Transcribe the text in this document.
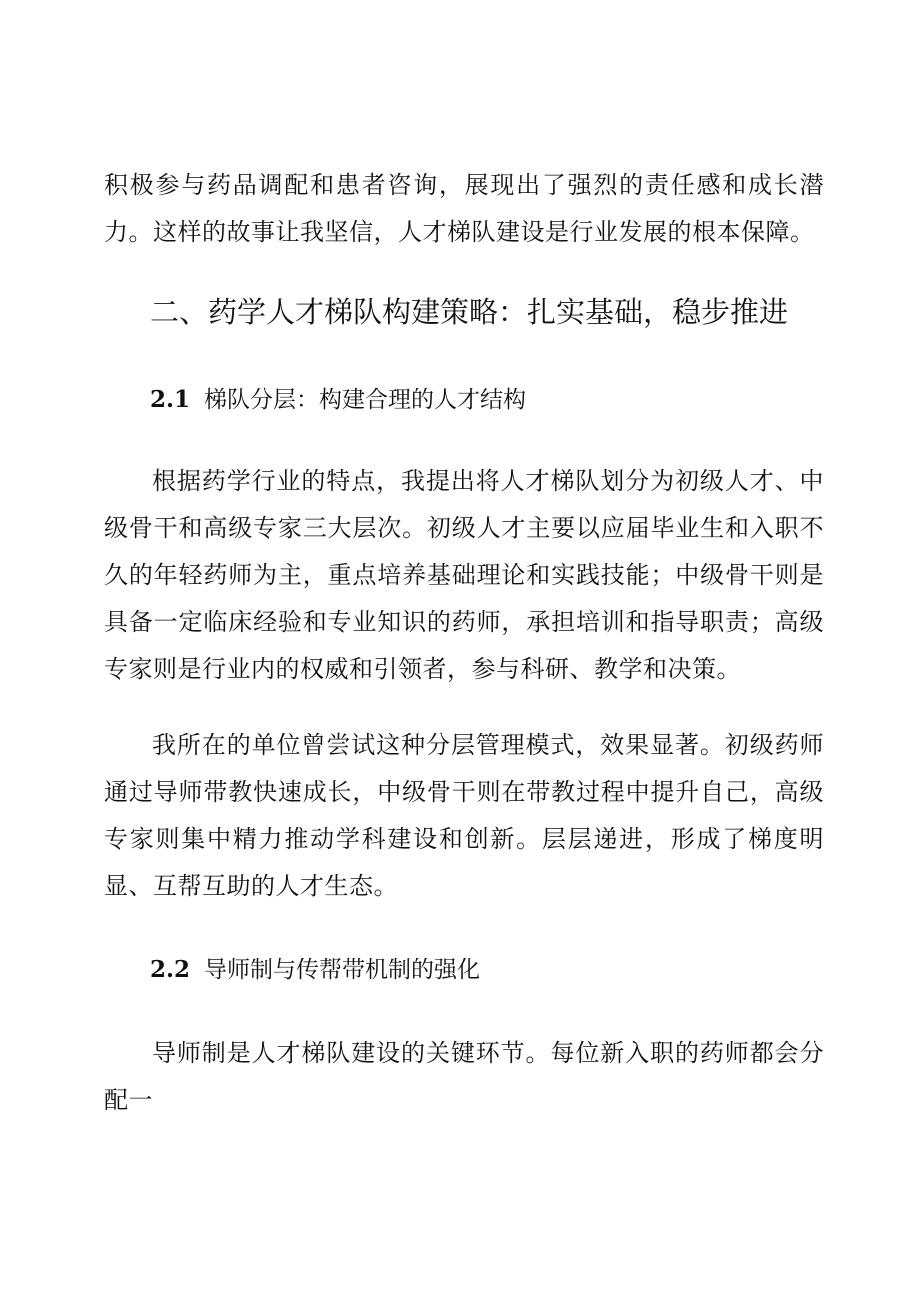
积极参与药品调配和患者咨询，展现出了强烈的责任感和成长潜力。这样的故事让我坚信，人才梯队建设是行业发展的根本保障。

二、药学人才梯队构建策略：扎实基础，稳步推进
2.1 梯队分层：构建合理的人才结构

根据药学行业的特点，我提出将人才梯队划分为初级人才、中级骨干和高级专家三大层次。初级人才主要以应届毕业生和入职不久的年轻药师为主，重点培养基础理论和实践技能；中级骨干则是具备一定临床经验和专业知识的药师，承担培训和指导职责；高级专家则是行业内的权威和引领者，参与科研、教学和决策。

我所在的单位曾尝试这种分层管理模式，效果显著。初级药师通过导师带教快速成长，中级骨干则在带教过程中提升自己，高级专家则集中精力推动学科建设和创新。层层递进，形成了梯度明显、互帮互助的人才生态。

2.2 导师制与传帮带机制的强化

导师制是人才梯队建设的关键环节。每位新入职的药师都会分配一
